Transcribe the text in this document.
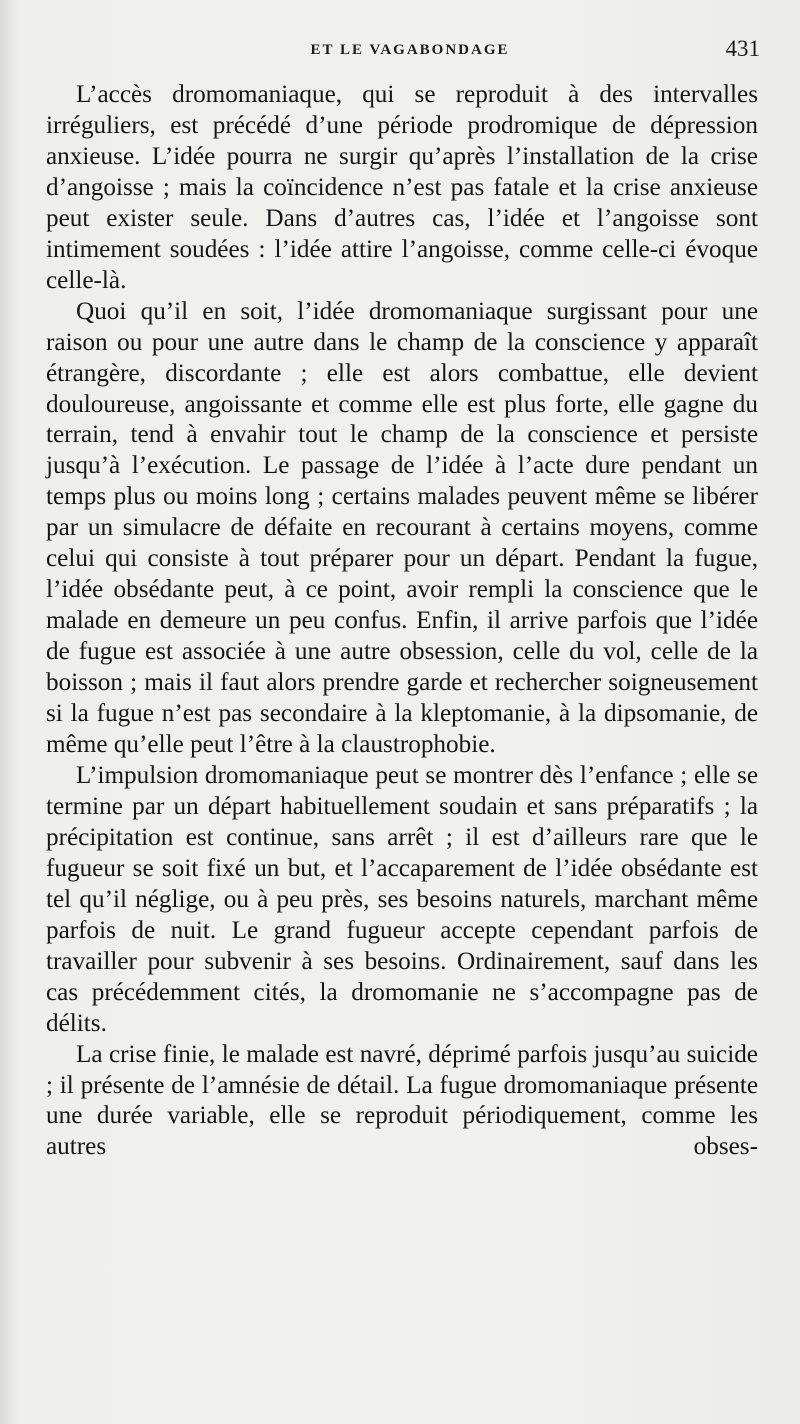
ET LE VAGABONDAGE	431

L’accès dromomaniaque, qui se reproduit à des intervalles irréguliers, est précédé d’une période prodromique de dépression anxieuse. L’idée pourra ne surgir qu’après l’installation de la crise d’angoisse ; mais la coïncidence n’est pas fatale et la crise anxieuse peut exister seule. Dans d’autres cas, l’idée et l’angoisse sont intimement soudées : l’idée attire l’angoisse, comme celle-ci évoque celle-là.

Quoi qu’il en soit, l’idée dromomaniaque surgissant pour une raison ou pour une autre dans le champ de la conscience y apparaît étrangère, discordante ; elle est alors combattue, elle devient douloureuse, angoissante et comme elle est plus forte, elle gagne du terrain, tend à envahir tout le champ de la conscience et persiste jusqu’à l’exécution. Le passage de l’idée à l’acte dure pendant un temps plus ou moins long ; certains malades peuvent même se libérer par un simulacre de défaite en recourant à certains moyens, comme celui qui consiste à tout préparer pour un départ. Pendant la fugue, l’idée obsédante peut, à ce point, avoir rempli la conscience que le malade en demeure un peu confus. Enfin, il arrive parfois que l’idée de fugue est associée à une autre obsession, celle du vol, celle de la boisson ; mais il faut alors prendre garde et rechercher soigneusement si la fugue n’est pas secondaire à la kleptomanie, à la dipsomanie, de même qu’elle peut l’être à la claustrophobie.

L’impulsion dromomaniaque peut se montrer dès l’enfance ; elle se termine par un départ habituellement soudain et sans préparatifs ; la précipitation est continue, sans arrêt ; il est d’ailleurs rare que le fugueur se soit fixé un but, et l’accaparement de l’idée obsédante est tel qu’il néglige, ou à peu près, ses besoins naturels, marchant même parfois de nuit. Le grand fugueur accepte cependant parfois de travailler pour subvenir à ses besoins. Ordinairement, sauf dans les cas précédemment cités, la dromomanie ne s’accompagne pas de délits.

La crise finie, le malade est navré, déprimé parfois jusqu’au suicide ; il présente de l’amnésie de détail. La fugue dromomaniaque présente une durée variable, elle se reproduit périodiquement, comme les autres obses-
